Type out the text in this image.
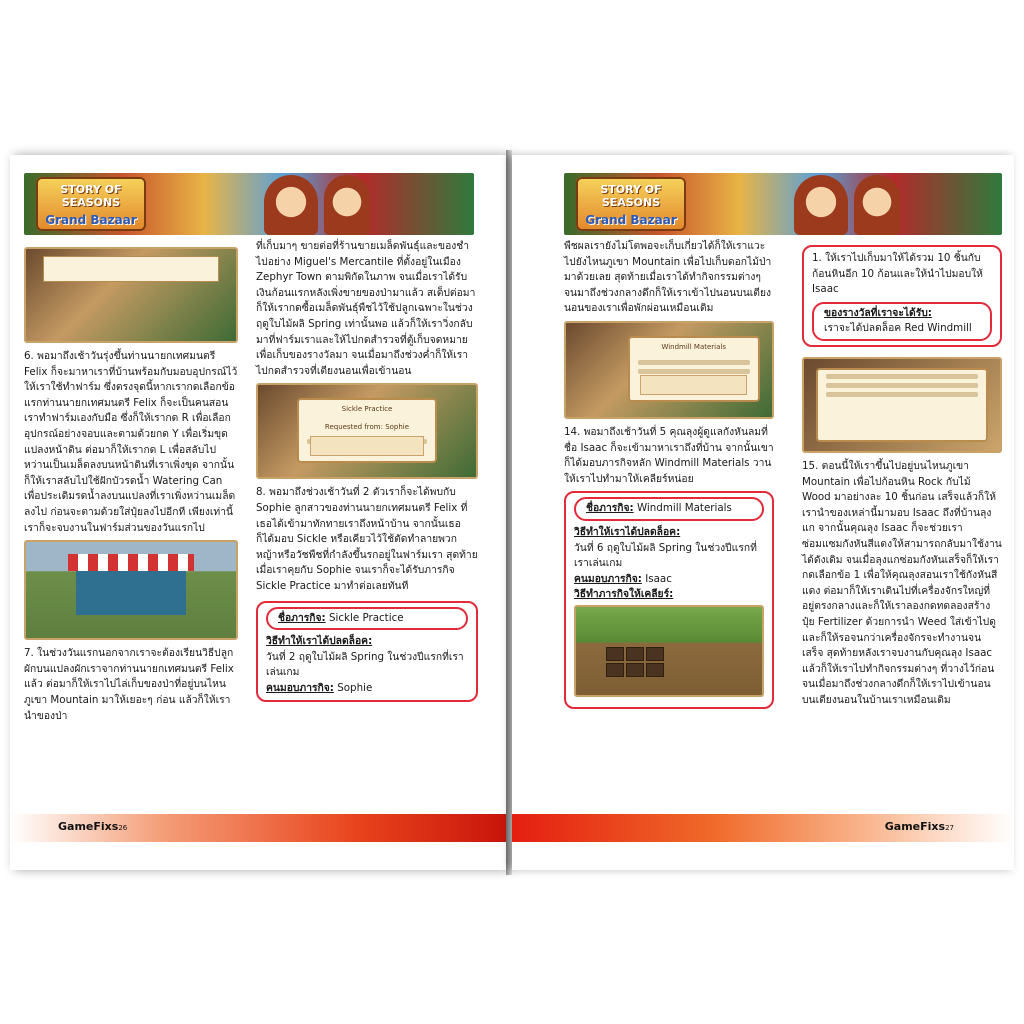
STORY OF SEASONS
Grand Bazaar

6. พอมาถึงเช้าวันรุ่งขึ้นท่านนายกเทศมนตรี Felix ก็จะมาหาเราที่บ้านพร้อมกับมอบอุปกรณ์ไว้ให้เราใช้ทำฟาร์ม ซึ่งตรงจุดนี้หากเรากดเลือกข้อแรกท่านนายกเทศมนตรี Felix ก็จะเป็นคนสอนเราทำฟาร์มเองกับมือ ซึ่งก็ให้เรากด R เพื่อเลือกอุปกรณ์อย่างจอบและตามด้วยกด Y เพื่อเริ่มขุดแปลงหน้าดิน ต่อมาก็ให้เรากด L เพื่อสลับไปหว่านเป็นเมล็ดลงบนหน้าดินที่เราเพิ่งขุด จากนั้นก็ให้เราสลับไปใช้ฝักบัวรดน้ำ Watering Can เพื่อประเดิมรดน้ำลงบนแปลงที่เราเพิ่งหว่านเมล็ดลงไป ก่อนจะตามด้วยใส่ปุ๋ยลงไปอีกที เพียงเท่านี้เราก็จะจบงานในฟาร์มส่วนของวันแรกไป

7. ในช่วงวันแรกนอกจากเราจะต้องเรียนวิธีปลูกผักบนแปลงผักเราจากท่านนายกเทศมนตรี Felix แล้ว ต่อมาก็ให้เราไปไล่เก็บของป่าที่อยู่บนไหนภูเขา Mountain มาให้เยอะๆ ก่อน แล้วก็ให้เรานำของป่า

ที่เก็บมาๆ ขายต่อที่ร้านขายเมล็ดพันธุ์และของชำไปอย่าง Miguel's Mercantile ที่ตั้งอยู่ในเมือง Zephyr Town ตามพิกัดในภาพ จนเมื่อเราได้รับเงินก้อนแรกหลังเพิ่งขายของป่ามาแล้ว สเต็ปต่อมาก็ให้เรากดซื้อเมล็ดพันธุ์พืชไว้ใช้ปลูกเฉพาะในช่วงฤดูใบไม้ผลิ Spring เท่านั้นพอ แล้วก็ให้เราวิ่งกลับมาที่ฟาร์มเราและให้ไปกดสำรวจที่ตู้เก็บจดหมายเพื่อเก็บของรางวัลมา จนเมื่อมาถึงช่วงค่ำก็ให้เราไปกดสำรวจที่เตียงนอนเพื่อเข้านอน

Sickle Practice
Requested from: Sophie

8. พอมาถึงช่วงเช้าวันที่ 2 ตัวเราก็จะได้พบกับ Sophie ลูกสาวของท่านนายกเทศมนตรี Felix ที่เธอได้เข้ามาทักทายเราถึงหน้าบ้าน จากนั้นเธอก็ได้มอบ Sickle หรือเคียวไว้ใช้ตัดทำลายพวกหญ้าหรือวัชพืชที่กำลังขึ้นรกอยู่ในฟาร์มเรา สุดท้ายเมื่อเราคุยกับ Sophie จนเราก็จะได้รับภารกิจ Sickle Practice มาทำต่อเลยทันที

ชื่อภารกิจ: Sickle Practice
วิธีทำให้เราได้ปลดล็อค:
วันที่ 2 ฤดูใบไม้ผลิ Spring ในช่วงปีแรกที่เราเล่นเกม
คนมอบภารกิจ: Sophie
GameFixs26
STORY OF SEASONS
Grand Bazaar

พืชผลเรายังไม่โตพอจะเก็บเกี่ยวได้ก็ให้เราแวะไปยังไหนภูเขา Mountain เพื่อไปเก็บดอกไม้ป่ามาด้วยเลย สุดท้ายเมื่อเราได้ทำกิจกรรมต่างๆ จนมาถึงช่วงกลางดึกก็ให้เราเข้าไปนอนบนเตียงนอนของเราเพื่อพักผ่อนเหมือนเดิม

Windmill Materials

14. พอมาถึงเช้าวันที่ 5 คุณลุงผู้ดูแลกังหันลมที่ชื่อ Isaac ก็จะเข้ามาหาเราถึงที่บ้าน จากนั้นเขาก็ได้มอบภารกิจหลัก Windmill Materials วานให้เราไปทำมาให้เคลียร์หน่อย

ชื่อภารกิจ: Windmill Materials
วิธีทำให้เราได้ปลดล็อค:
วันที่ 6 ฤดูใบไม้ผลิ Spring ในช่วงปีแรกที่เราเล่นเกม
คนมอบภารกิจ: Isaac
วิธีทำภารกิจให้เคลียร์:

1. ให้เราไปเก็บมาให้ได้รวม 10 ชิ้นกับก้อนหินอีก 10 ก้อนและให้นำไปมอบให้ Isaac

ของรางวัลที่เราจะได้รับ:
เราจะได้ปลดล็อค Red Windmill

15. ตอนนี้ให้เราขึ้นไปอยู่บนไหนภูเขา Mountain เพื่อไปก้อนหิน Rock กับไม้ Wood มาอย่างละ 10 ชิ้นก่อน เสร็จแล้วก็ให้เรานำของเหล่านี้มามอบ Isaac ถึงที่บ้านลุงแก จากนั้นคุณลุง Isaac ก็จะช่วยเราซ่อมแซมกังหันสีแดงให้สามารถกลับมาใช้งานได้ดังเดิม จนเมื่อลุงแกซ่อมกังหันเสร็จก็ให้เรากดเลือกข้อ 1 เพื่อให้คุณลุงสอนเราใช้กังหันสีแดง ต่อมาก็ให้เราเดินไปที่เครื่องจักรใหญ่ที่อยู่ตรงกลางและก็ให้เราลองกดทดลองสร้างปุ๋ย Fertilizer ด้วยการนำ Weed ใส่เข้าไปดูและก็ให้รอจนกว่าเครื่องจักรจะทำงานจนเสร็จ สุดท้ายหลังเราจบงานกับคุณลุง Isaac แล้วก็ให้เราไปทำกิจกรรมต่างๆ ที่วางไว้ก่อน จนเมื่อมาถึงช่วงกลางดึกก็ให้เราไปเข้านอนบนเตียงนอนในบ้านเราเหมือนเดิม

GameFixs27
